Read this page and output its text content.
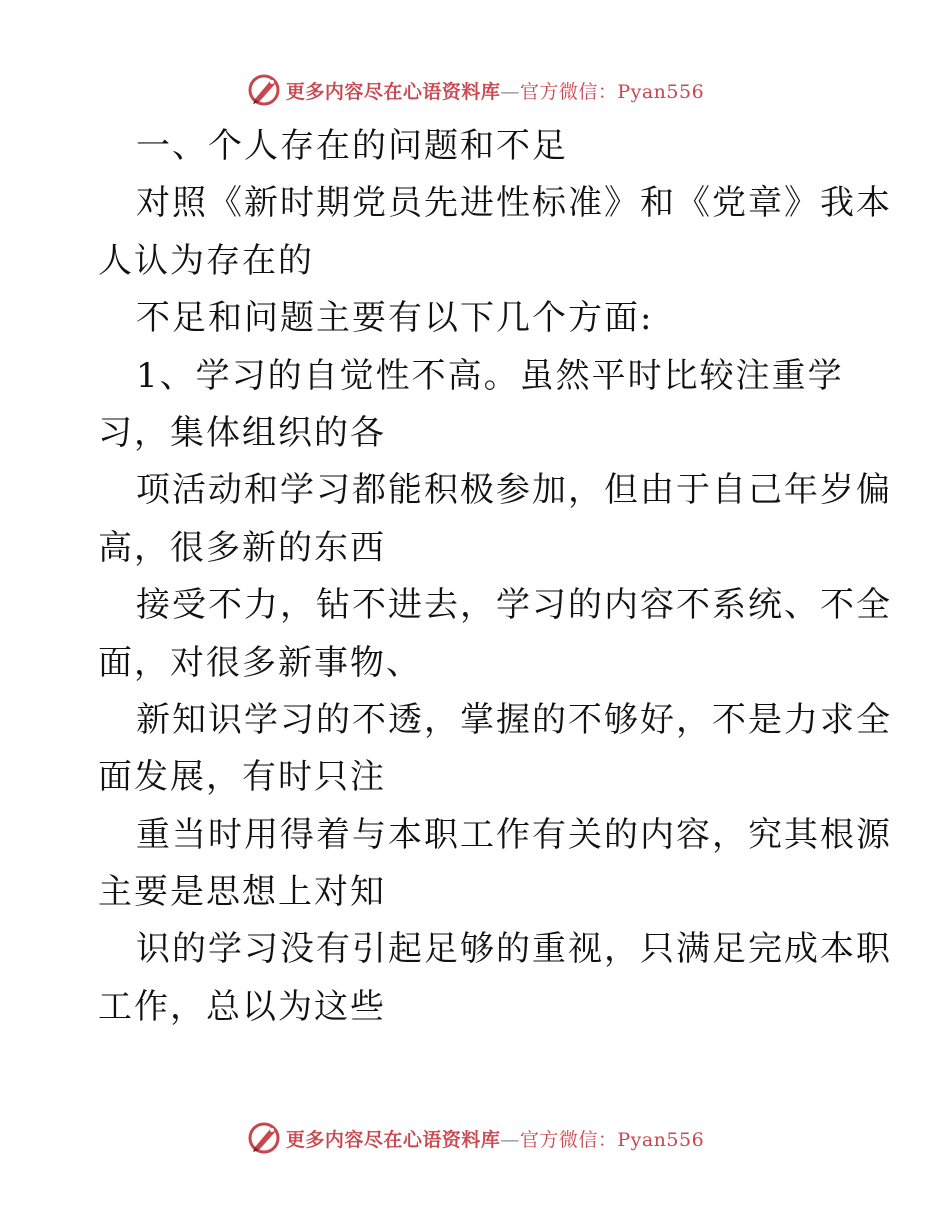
更多内容尽在心语资料库—官方微信：Pyan556
一、个人存在的问题和不足
对照《新时期党员先进性标准》和《党章》我本
人认为存在的
不足和问题主要有以下几个方面:
1、学习的自觉性不高。虽然平时比较注重学
习，集体组织的各
项活动和学习都能积极参加，但由于自己年岁偏
高，很多新的东西
接受不力，钻不进去，学习的内容不系统、不全
面，对很多新事物、
新知识学习的不透，掌握的不够好，不是力求全
面发展，有时只注
重当时用得着与本职工作有关的内容，究其根源
主要是思想上对知
识的学习没有引起足够的重视，只满足完成本职
工作，总以为这些
更多内容尽在心语资料库—官方微信：Pyan556
